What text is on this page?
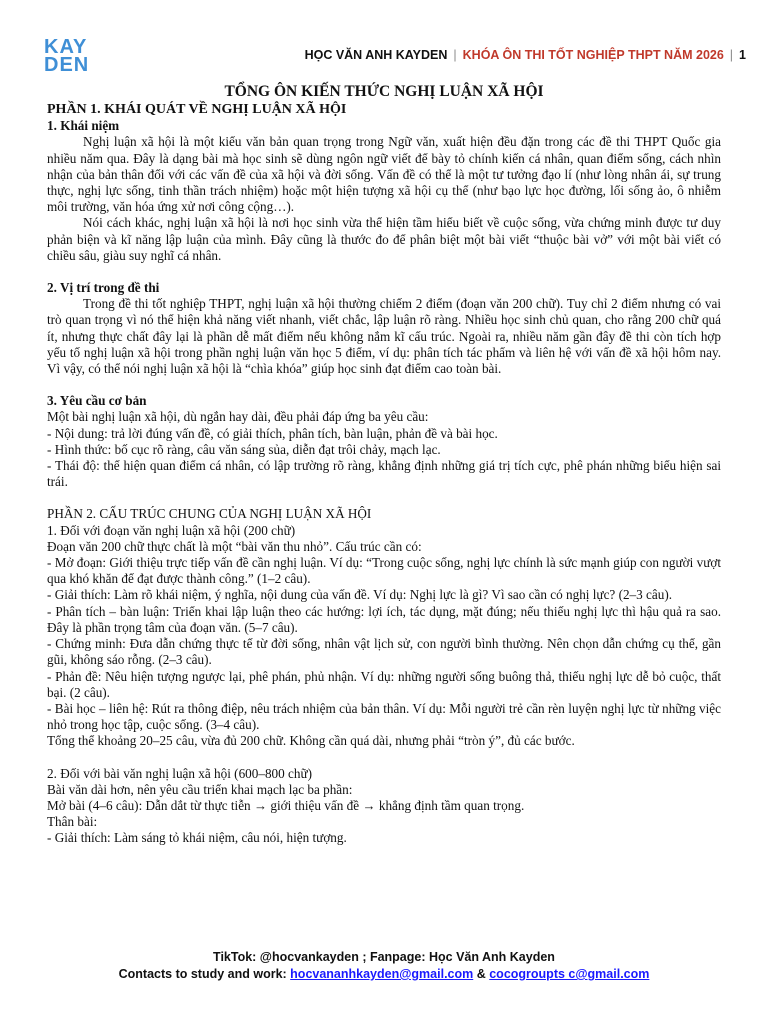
KAY
DEN	HỌC VĂN ANH KAYDEN | KHÓA ÔN THI TỐT NGHIỆP THPT NĂM 2026 | 1
TỔNG ÔN KIẾN THỨC NGHỊ LUẬN XÃ HỘI
PHẦN 1. KHÁI QUÁT VỀ NGHỊ LUẬN XÃ HỘI
1. Khái niệm

Nghị luận xã hội là một kiểu văn bản quan trọng trong Ngữ văn, xuất hiện đều đặn trong các đề thi THPT Quốc gia nhiều năm qua. Đây là dạng bài mà học sinh sẽ dùng ngôn ngữ viết để bày tỏ chính kiến cá nhân, quan điểm sống, cách nhìn nhận của bản thân đối với các vấn đề của xã hội và đời sống. Vấn đề có thể là một tư tưởng đạo lí (như lòng nhân ái, sự trung thực, nghị lực sống, tinh thần trách nhiệm) hoặc một hiện tượng xã hội cụ thể (như bạo lực học đường, lối sống ảo, ô nhiễm môi trường, văn hóa ứng xử nơi công cộng…).

Nói cách khác, nghị luận xã hội là nơi học sinh vừa thể hiện tầm hiểu biết về cuộc sống, vừa chứng minh được tư duy phản biện và kĩ năng lập luận của mình. Đây cũng là thước đo để phân biệt một bài viết “thuộc bài vở” với một bài viết có chiều sâu, giàu suy nghĩ cá nhân.

2. Vị trí trong đề thi

Trong đề thi tốt nghiệp THPT, nghị luận xã hội thường chiếm 2 điểm (đoạn văn 200 chữ). Tuy chỉ 2 điểm nhưng có vai trò quan trọng vì nó thể hiện khả năng viết nhanh, viết chắc, lập luận rõ ràng. Nhiều học sinh chủ quan, cho rằng 200 chữ quá ít, nhưng thực chất đây lại là phần dễ mất điểm nếu không nắm kĩ cấu trúc. Ngoài ra, nhiều năm gần đây đề thi còn tích hợp yếu tố nghị luận xã hội trong phần nghị luận văn học 5 điểm, ví dụ: phân tích tác phẩm và liên hệ với vấn đề xã hội hôm nay. Vì vậy, có thể nói nghị luận xã hội là “chìa khóa” giúp học sinh đạt điểm cao toàn bài.

3. Yêu cầu cơ bản

Một bài nghị luận xã hội, dù ngắn hay dài, đều phải đáp ứng ba yêu cầu:

- Nội dung: trả lời đúng vấn đề, có giải thích, phân tích, bàn luận, phản đề và bài học.

- Hình thức: bố cục rõ ràng, câu văn sáng sủa, diễn đạt trôi chảy, mạch lạc.

- Thái độ: thể hiện quan điểm cá nhân, có lập trường rõ ràng, khẳng định những giá trị tích cực, phê phán những biểu hiện sai trái.

PHẦN 2. CẤU TRÚC CHUNG CỦA NGHỊ LUẬN XÃ HỘI
1. Đối với đoạn văn nghị luận xã hội (200 chữ)

Đoạn văn 200 chữ thực chất là một “bài văn thu nhỏ”. Cấu trúc cần có:

- Mở đoạn: Giới thiệu trực tiếp vấn đề cần nghị luận. Ví dụ: “Trong cuộc sống, nghị lực chính là sức mạnh giúp con người vượt qua khó khăn để đạt được thành công.” (1–2 câu).

- Giải thích: Làm rõ khái niệm, ý nghĩa, nội dung của vấn đề. Ví dụ: Nghị lực là gì? Vì sao cần có nghị lực? (2–3 câu).

- Phân tích – bàn luận: Triển khai lập luận theo các hướng: lợi ích, tác dụng, mặt đúng; nếu thiếu nghị lực thì hậu quả ra sao. Đây là phần trọng tâm của đoạn văn. (5–7 câu).

- Chứng minh: Đưa dẫn chứng thực tế từ đời sống, nhân vật lịch sử, con người bình thường. Nên chọn dẫn chứng cụ thể, gần gũi, không sáo rỗng. (2–3 câu).

- Phản đề: Nêu hiện tượng ngược lại, phê phán, phủ nhận. Ví dụ: những người sống buông thả, thiếu nghị lực dễ bỏ cuộc, thất bại. (2 câu).

- Bài học – liên hệ: Rút ra thông điệp, nêu trách nhiệm của bản thân. Ví dụ: Mỗi người trẻ cần rèn luyện nghị lực từ những việc nhỏ trong học tập, cuộc sống. (3–4 câu).

Tổng thể khoảng 20–25 câu, vừa đủ 200 chữ. Không cần quá dài, nhưng phải “tròn ý”, đủ các bước.

2. Đối với bài văn nghị luận xã hội (600–800 chữ)

Bài văn dài hơn, nên yêu cầu triển khai mạch lạc ba phần:

Mở bài (4–6 câu): Dẫn dắt từ thực tiễn → giới thiệu vấn đề → khẳng định tầm quan trọng.

Thân bài:

- Giải thích: Làm sáng tỏ khái niệm, câu nói, hiện tượng.

TikTok: @hocvankayden ; Fanpage: Học Văn Anh Kayden
Contacts to study and work: hocvananhkayden@gmail.com & cocogroupts c@gmail.com
